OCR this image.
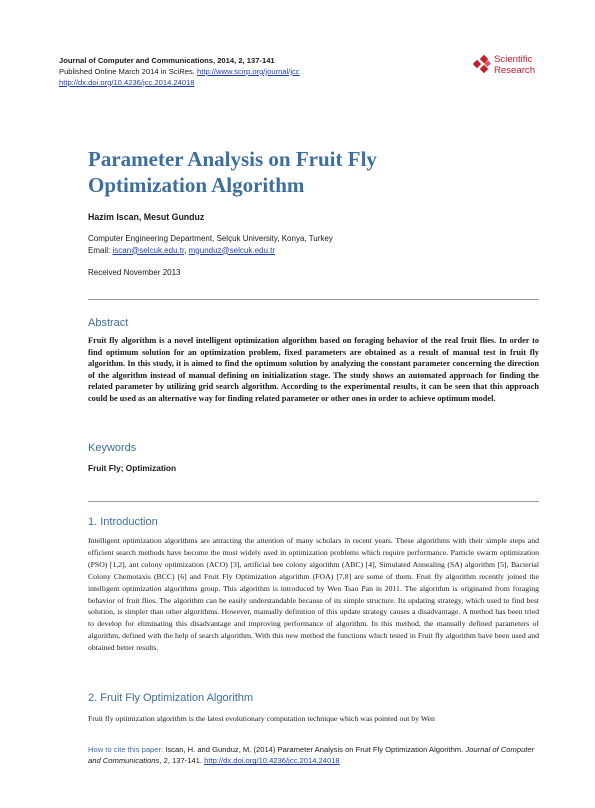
Journal of Computer and Communications, 2014, 2, 137-141
Published Online March 2014 in SciRes. http://www.scirp.org/journal/jcc
http://dx.doi.org/10.4236/jcc.2014.24018
Scientific
Research
Parameter Analysis on Fruit Fly
Optimization Algorithm
Hazim Iscan, Mesut Gunduz
Computer Engineering Department, Selçuk University, Konya, Turkey
Email: iscan@selcuk.edu.tr, mgunduz@selcuk.edu.tr
Received November 2013
Abstract
Fruit fly algorithm is a novel intelligent optimization algorithm based on foraging behavior of the real fruit flies. In order to find optimum solution for an optimization problem, fixed parameters are obtained as a result of manual test in fruit fly algorithm. In this study, it is aimed to find the optimum solution by analyzing the constant parameter concerning the direction of the algorithm instead of manual defining on initialization stage. The study shows an automated approach for finding the related parameter by utilizing grid search algorithm. According to the experimental results, it can be seen that this approach could be used as an alternative way for finding related parameter or other ones in order to achieve optimum model.
Keywords
Fruit Fly; Optimization
1. Introduction
Intelligent optimization algorithms are attracting the attention of many scholars in recent years. These algorithms with their simple steps and efficient search methods have become the most widely used in optimization problems which require performance. Particle swarm optimization (PSO) [1,2], ant colony optimization (ACO) [3], artificial bee colony algorithm (ABC) [4], Simulated Annealing (SA) algorithm [5], Bacterial Colony Chemotaxis (BCC) [6] and Fruit Fly Optimization algorithm (FOA) [7,8] are some of them. Fruit fly algorithm recently joined the intelligent optimization algorithms group. This algorithm is introduced by Wen Tsao Pan in 2011. The algorithm is originated from foraging behavior of fruit flies. The algorithm can be easily understandable because of its simple structure. Its updating strategy, which used to find best solution, is simpler than other algorithms. However, manually definition of this update strategy causes a disadvantage. A method has been tried to develop for eliminating this disadvantage and improving performance of algorithm. In this method, the manually defined parameters of algorithm, defined with the help of search algorithm. With this new method the functions which tested in Fruit fly algorithm have been used and obtained better results.
2. Fruit Fly Optimization Algorithm
Fruit fly optimization algorithm is the latest evolutionary computation technique which was pointed out by Wen
How to cite this paper: Iscan, H. and Gunduz, M. (2014) Parameter Analysis on Fruit Fly Optimization Algorithm. Journal of Computer and Communications, 2, 137-141. http://dx.doi.org/10.4236/jcc.2014.24018
